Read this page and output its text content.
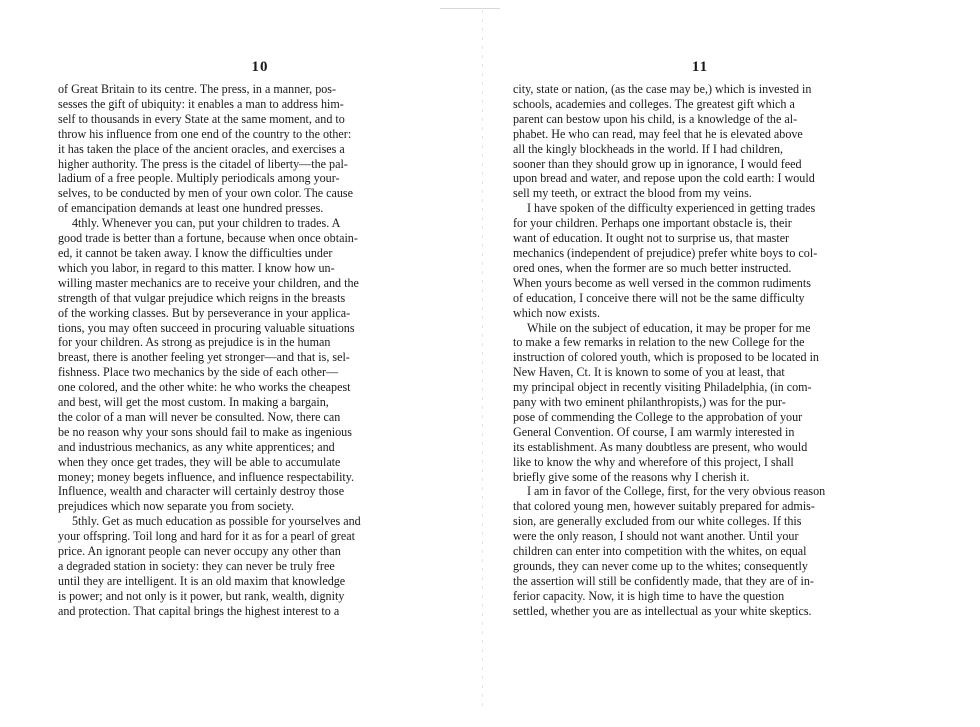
10
of Great Britain to its centre. The press, in a manner, pos-
sesses the gift of ubiquity: it enables a man to address him-
self to thousands in every State at the same moment, and to
throw his influence from one end of the country to the other:
it has taken the place of the ancient oracles, and exercises a
higher authority. The press is the citadel of liberty—the pal-
ladium of a free people. Multiply periodicals among your-
selves, to be conducted by men of your own color. The cause
of emancipation demands at least one hundred presses.
4thly. Whenever you can, put your children to trades. A
good trade is better than a fortune, because when once obtain-
ed, it cannot be taken away. I know the difficulties under
which you labor, in regard to this matter. I know how un-
willing master mechanics are to receive your children, and the
strength of that vulgar prejudice which reigns in the breasts
of the working classes. But by perseverance in your applica-
tions, you may often succeed in procuring valuable situations
for your children. As strong as prejudice is in the human
breast, there is another feeling yet stronger—and that is, sel-
fishness. Place two mechanics by the side of each other—
one colored, and the other white: he who works the cheapest
and best, will get the most custom. In making a bargain,
the color of a man will never be consulted. Now, there can
be no reason why your sons should fail to make as ingenious
and industrious mechanics, as any white apprentices; and
when they once get trades, they will be able to accumulate
money; money begets influence, and influence respectability.
Influence, wealth and character will certainly destroy those
prejudices which now separate you from society.
5thly. Get as much education as possible for yourselves and
your offspring. Toil long and hard for it as for a pearl of great
price. An ignorant people can never occupy any other than
a degraded station in society: they can never be truly free
until they are intelligent. It is an old maxim that knowledge
is power; and not only is it power, but rank, wealth, dignity
and protection. That capital brings the highest interest to a
11
city, state or nation, (as the case may be,) which is invested in
schools, academies and colleges. The greatest gift which a
parent can bestow upon his child, is a knowledge of the al-
phabet. He who can read, may feel that he is elevated above
all the kingly blockheads in the world. If I had children,
sooner than they should grow up in ignorance, I would feed
upon bread and water, and repose upon the cold earth: I would
sell my teeth, or extract the blood from my veins.
I have spoken of the difficulty experienced in getting trades
for your children. Perhaps one important obstacle is, their
want of education. It ought not to surprise us, that master
mechanics (independent of prejudice) prefer white boys to col-
ored ones, when the former are so much better instructed.
When yours become as well versed in the common rudiments
of education, I conceive there will not be the same difficulty
which now exists.
While on the subject of education, it may be proper for me
to make a few remarks in relation to the new College for the
instruction of colored youth, which is proposed to be located in
New Haven, Ct. It is known to some of you at least, that
my principal object in recently visiting Philadelphia, (in com-
pany with two eminent philanthropists,) was for the pur-
pose of commending the College to the approbation of your
General Convention. Of course, I am warmly interested in
its establishment. As many doubtless are present, who would
like to know the why and wherefore of this project, I shall
briefly give some of the reasons why I cherish it.
I am in favor of the College, first, for the very obvious reason
that colored young men, however suitably prepared for admis-
sion, are generally excluded from our white colleges. If this
were the only reason, I should not want another. Until your
children can enter into competition with the whites, on equal
grounds, they can never come up to the whites; consequently
the assertion will still be confidently made, that they are of in-
ferior capacity. Now, it is high time to have the question
settled, whether you are as intellectual as your white skeptics.
